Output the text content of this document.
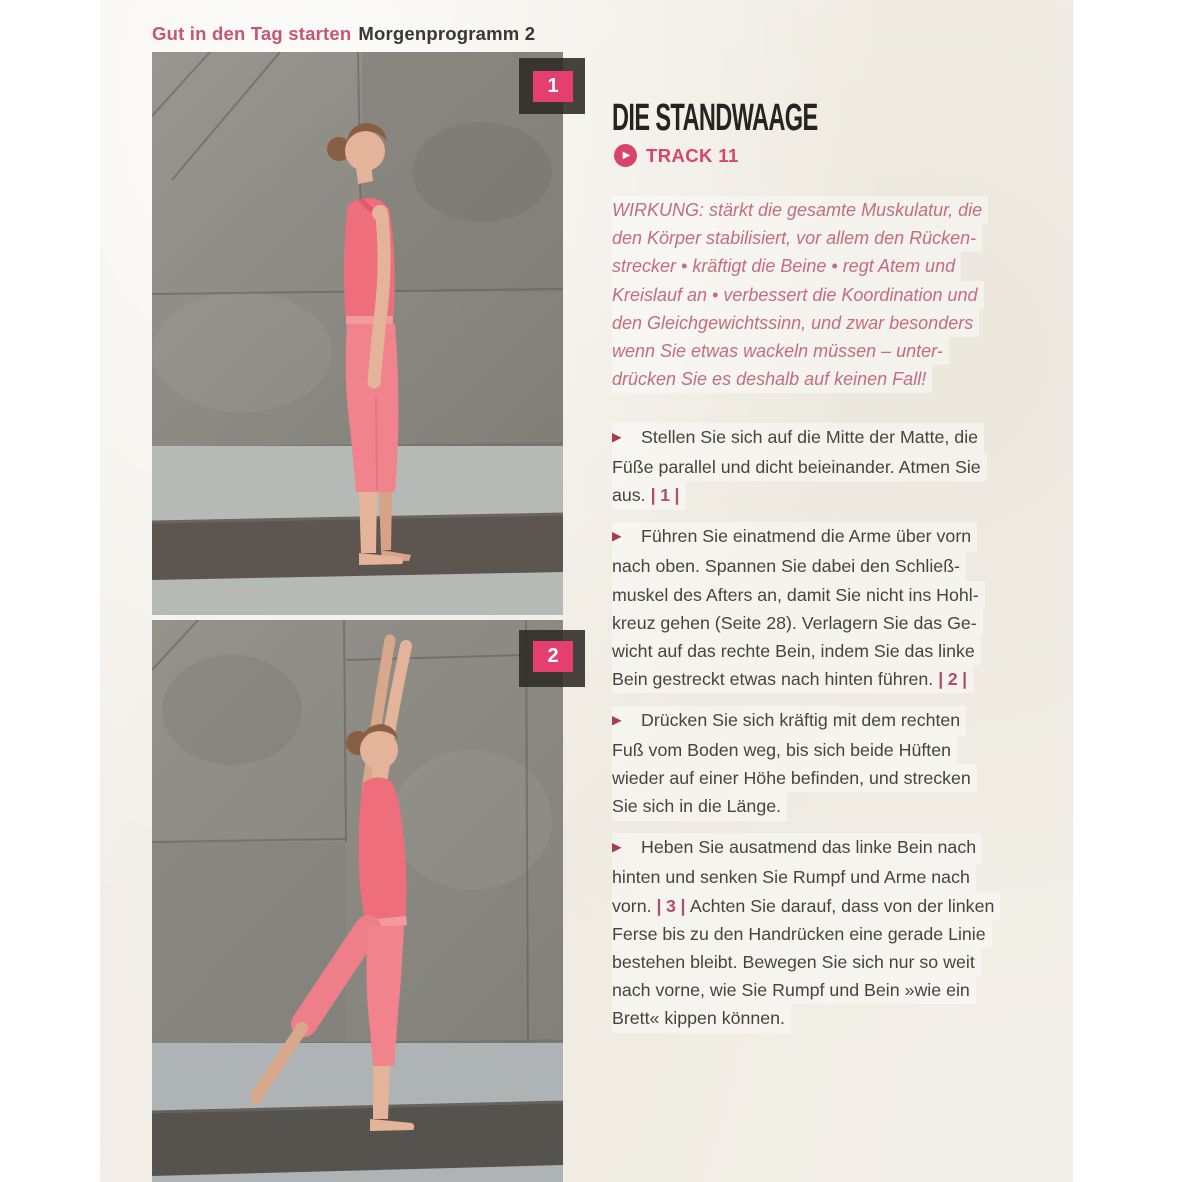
Gut in den Tag starten Morgenprogramm 2
1
2
DIE STANDWAAGE
▶ TRACK 11
WIRKUNG: stärkt die gesamte Muskulatur, die
den Körper stabilisiert, vor allem den Rücken-
strecker • kräftigt die Beine • regt Atem und
Kreislauf an • verbessert die Koordination und
den Gleichgewichtssinn, und zwar besonders
wenn Sie etwas wackeln müssen – unter-
drücken Sie es deshalb auf keinen Fall!
▶ Stellen Sie sich auf die Mitte der Matte, die
Füße parallel und dicht beieinander. Atmen Sie
aus. | 1 |
▶ Führen Sie einatmend die Arme über vorn
nach oben. Spannen Sie dabei den Schließ-
muskel des Afters an, damit Sie nicht ins Hohl-
kreuz gehen (Seite 28). Verlagern Sie das Ge-
wicht auf das rechte Bein, indem Sie das linke
Bein gestreckt etwas nach hinten führen. | 2 |
▶ Drücken Sie sich kräftig mit dem rechten
Fuß vom Boden weg, bis sich beide Hüften
wieder auf einer Höhe befinden, und strecken
Sie sich in die Länge.
▶ Heben Sie ausatmend das linke Bein nach
hinten und senken Sie Rumpf und Arme nach
vorn. | 3 | Achten Sie darauf, dass von der linken
Ferse bis zu den Handrücken eine gerade Linie
bestehen bleibt. Bewegen Sie sich nur so weit
nach vorne, wie Sie Rumpf und Bein »wie ein
Brett« kippen können.
